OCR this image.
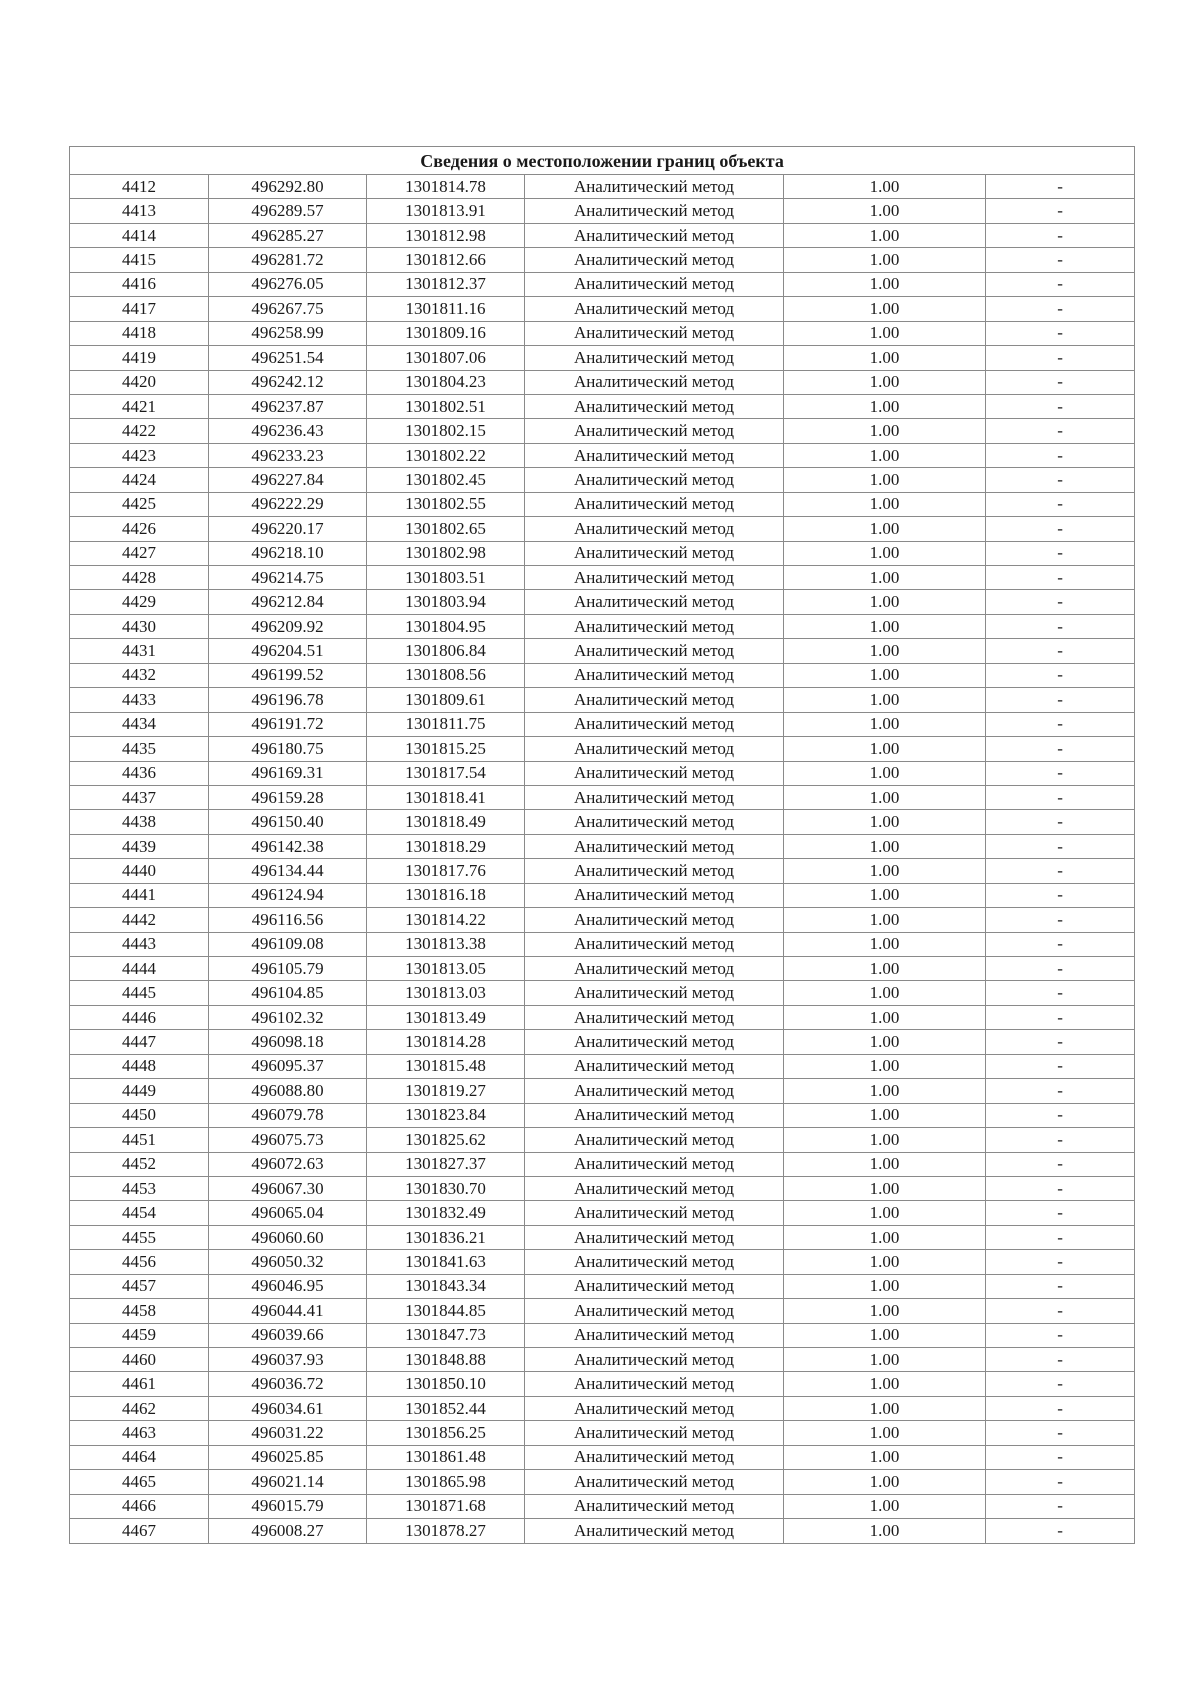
Сведения о местоположении границ объекта					
4412	496292.80	1301814.78	Аналитический метод	1.00	-
4413	496289.57	1301813.91	Аналитический метод	1.00	-
4414	496285.27	1301812.98	Аналитический метод	1.00	-
4415	496281.72	1301812.66	Аналитический метод	1.00	-
4416	496276.05	1301812.37	Аналитический метод	1.00	-
4417	496267.75	1301811.16	Аналитический метод	1.00	-
4418	496258.99	1301809.16	Аналитический метод	1.00	-
4419	496251.54	1301807.06	Аналитический метод	1.00	-
4420	496242.12	1301804.23	Аналитический метод	1.00	-
4421	496237.87	1301802.51	Аналитический метод	1.00	-
4422	496236.43	1301802.15	Аналитический метод	1.00	-
4423	496233.23	1301802.22	Аналитический метод	1.00	-
4424	496227.84	1301802.45	Аналитический метод	1.00	-
4425	496222.29	1301802.55	Аналитический метод	1.00	-
4426	496220.17	1301802.65	Аналитический метод	1.00	-
4427	496218.10	1301802.98	Аналитический метод	1.00	-
4428	496214.75	1301803.51	Аналитический метод	1.00	-
4429	496212.84	1301803.94	Аналитический метод	1.00	-
4430	496209.92	1301804.95	Аналитический метод	1.00	-
4431	496204.51	1301806.84	Аналитический метод	1.00	-
4432	496199.52	1301808.56	Аналитический метод	1.00	-
4433	496196.78	1301809.61	Аналитический метод	1.00	-
4434	496191.72	1301811.75	Аналитический метод	1.00	-
4435	496180.75	1301815.25	Аналитический метод	1.00	-
4436	496169.31	1301817.54	Аналитический метод	1.00	-
4437	496159.28	1301818.41	Аналитический метод	1.00	-
4438	496150.40	1301818.49	Аналитический метод	1.00	-
4439	496142.38	1301818.29	Аналитический метод	1.00	-
4440	496134.44	1301817.76	Аналитический метод	1.00	-
4441	496124.94	1301816.18	Аналитический метод	1.00	-
4442	496116.56	1301814.22	Аналитический метод	1.00	-
4443	496109.08	1301813.38	Аналитический метод	1.00	-
4444	496105.79	1301813.05	Аналитический метод	1.00	-
4445	496104.85	1301813.03	Аналитический метод	1.00	-
4446	496102.32	1301813.49	Аналитический метод	1.00	-
4447	496098.18	1301814.28	Аналитический метод	1.00	-
4448	496095.37	1301815.48	Аналитический метод	1.00	-
4449	496088.80	1301819.27	Аналитический метод	1.00	-
4450	496079.78	1301823.84	Аналитический метод	1.00	-
4451	496075.73	1301825.62	Аналитический метод	1.00	-
4452	496072.63	1301827.37	Аналитический метод	1.00	-
4453	496067.30	1301830.70	Аналитический метод	1.00	-
4454	496065.04	1301832.49	Аналитический метод	1.00	-
4455	496060.60	1301836.21	Аналитический метод	1.00	-
4456	496050.32	1301841.63	Аналитический метод	1.00	-
4457	496046.95	1301843.34	Аналитический метод	1.00	-
4458	496044.41	1301844.85	Аналитический метод	1.00	-
4459	496039.66	1301847.73	Аналитический метод	1.00	-
4460	496037.93	1301848.88	Аналитический метод	1.00	-
4461	496036.72	1301850.10	Аналитический метод	1.00	-
4462	496034.61	1301852.44	Аналитический метод	1.00	-
4463	496031.22	1301856.25	Аналитический метод	1.00	-
4464	496025.85	1301861.48	Аналитический метод	1.00	-
4465	496021.14	1301865.98	Аналитический метод	1.00	-
4466	496015.79	1301871.68	Аналитический метод	1.00	-
4467	496008.27	1301878.27	Аналитический метод	1.00	-
